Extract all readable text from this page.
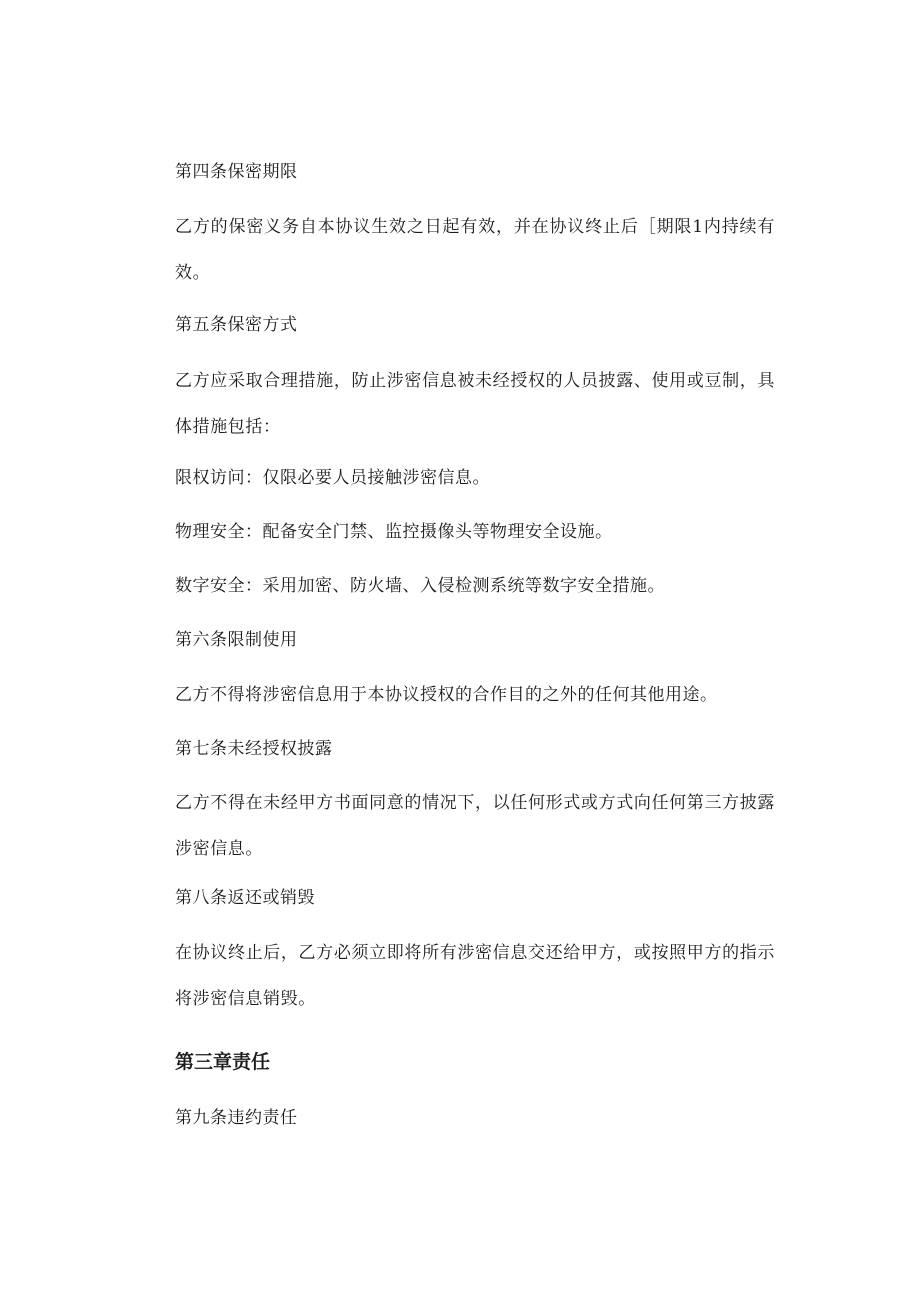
第四条保密期限

乙方的保密义务自本协议生效之日起有效，并在协议终止后［期限1内持续有效。

第五条保密方式

乙方应采取合理措施，防止涉密信息被未经授权的人员披露、使用或豆制，具体措施包括：

限权访问：仅限必要人员接触涉密信息。

物理安全：配备安全门禁、监控摄像头等物理安全设施。

数字安全：采用加密、防火墙、入侵检测系统等数字安全措施。

第六条限制使用

乙方不得将涉密信息用于本协议授权的合作目的之外的任何其他用途。

第七条未经授权披露

乙方不得在未经甲方书面同意的情况下，以任何形式或方式向任何第三方披露涉密信息。

第八条返还或销毁

在协议终止后，乙方必须立即将所有涉密信息交还给甲方，或按照甲方的指示将涉密信息销毁。

第三章责任

第九条违约责任
